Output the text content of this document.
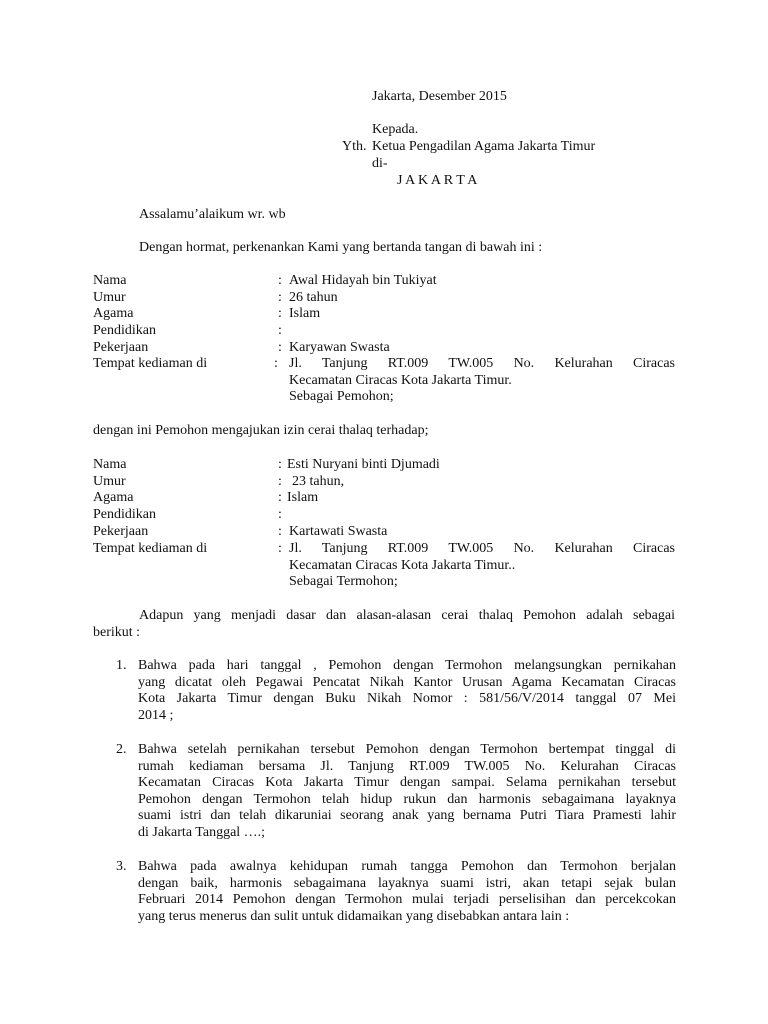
Jakarta, Desember 2015
Kepada.
Yth. Ketua Pengadilan Agama Jakarta Timur
di-
J A K A R T A
Assalamu’alaikum wr. wb
Dengan hormat, perkenankan Kami yang bertanda tangan di bawah ini :
Nama	: Awal Hidayah bin Tukiyat
Umur	: 26 tahun
Agama	: Islam
Pendidikan	:
Pekerjaan	: Karyawan Swasta
Tempat kediaman di	: Jl. Tanjung RT.009 TW.005 No. Kelurahan Ciracas
Kecamatan Ciracas Kota Jakarta Timur.
Sebagai Pemohon;
dengan ini Pemohon mengajukan izin cerai thalaq terhadap;
Nama	: Esti Nuryani binti Djumadi
Umur	: 23 tahun,
Agama	: Islam
Pendidikan	:
Pekerjaan	: Kartawati Swasta
Tempat kediaman di	: Jl. Tanjung RT.009 TW.005 No. Kelurahan Ciracas
Kecamatan Ciracas Kota Jakarta Timur..
Sebagai Termohon;
Adapun yang menjadi dasar dan alasan-alasan cerai thalaq Pemohon adalah sebagai
berikut :
1. Bahwa pada hari tanggal , Pemohon dengan Termohon melangsungkan pernikahan
yang dicatat oleh Pegawai Pencatat Nikah Kantor Urusan Agama Kecamatan Ciracas
Kota Jakarta Timur dengan Buku Nikah Nomor : 581/56/V/2014 tanggal 07 Mei
2014 ;
2. Bahwa setelah pernikahan tersebut Pemohon dengan Termohon bertempat tinggal di
rumah kediaman bersama Jl. Tanjung RT.009 TW.005 No. Kelurahan Ciracas
Kecamatan Ciracas Kota Jakarta Timur dengan sampai. Selama pernikahan tersebut
Pemohon dengan Termohon telah hidup rukun dan harmonis sebagaimana layaknya
suami istri dan telah dikaruniai seorang anak yang bernama Putri Tiara Pramesti lahir
di Jakarta Tanggal ….;
3. Bahwa pada awalnya kehidupan rumah tangga Pemohon dan Termohon berjalan
dengan baik, harmonis sebagaimana layaknya suami istri, akan tetapi sejak bulan
Februari 2014 Pemohon dengan Termohon mulai terjadi perselisihan dan percekcokan
yang terus menerus dan sulit untuk didamaikan yang disebabkan antara lain :
